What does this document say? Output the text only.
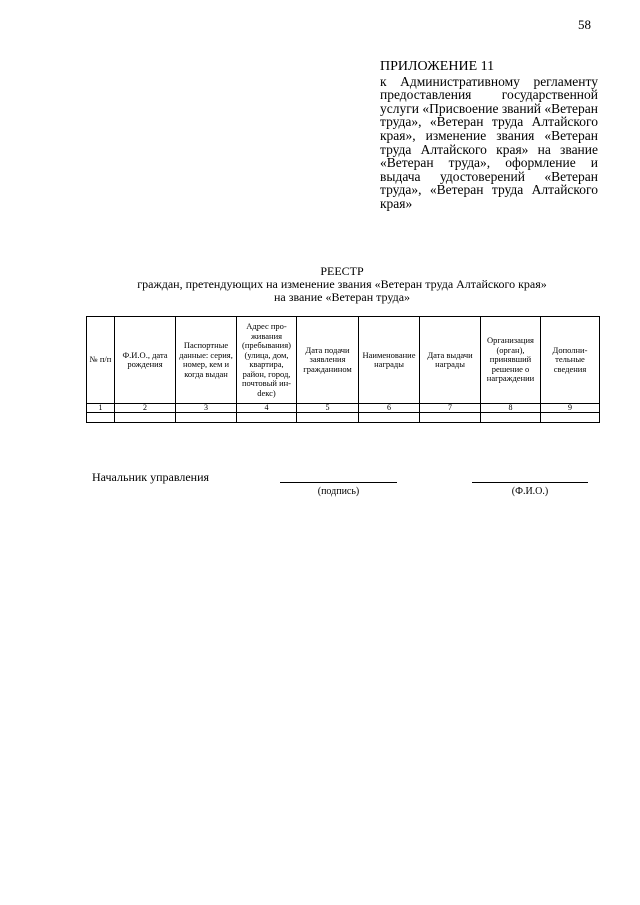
58

ПРИЛОЖЕНИЕ 11

к Административному регламенту предоставления государственной услуги «Присвоение званий «Ветеран труда», «Ветеран труда Алтайского края», изменение звания «Ветеран труда Алтайского края» на звание «Ветеран труда», оформление и выдача удостоверений «Ветеран труда», «Ветеран труда Алтайского края»

РЕЕСТР
граждан, претендующих на изменение звания «Ветеран труда Алтайского края» на звание «Ветеран труда»
№ п/п	Ф.И.О., дата рождения	Паспортные данные: серия, номер, кем и когда выдан	Адрес проживания (пребывания) (улица, дом, квартира, район, город, почтовый инdекс)	Дата подачи заявления гражданином	Наименование награды	Дата выдачи награды	Организация (орган), принявший решение о награждении	Дополнительные сведения
1	2	3	4	5	6	7	8	9

Начальник управления
(подпись)	(Ф.И.О.)
